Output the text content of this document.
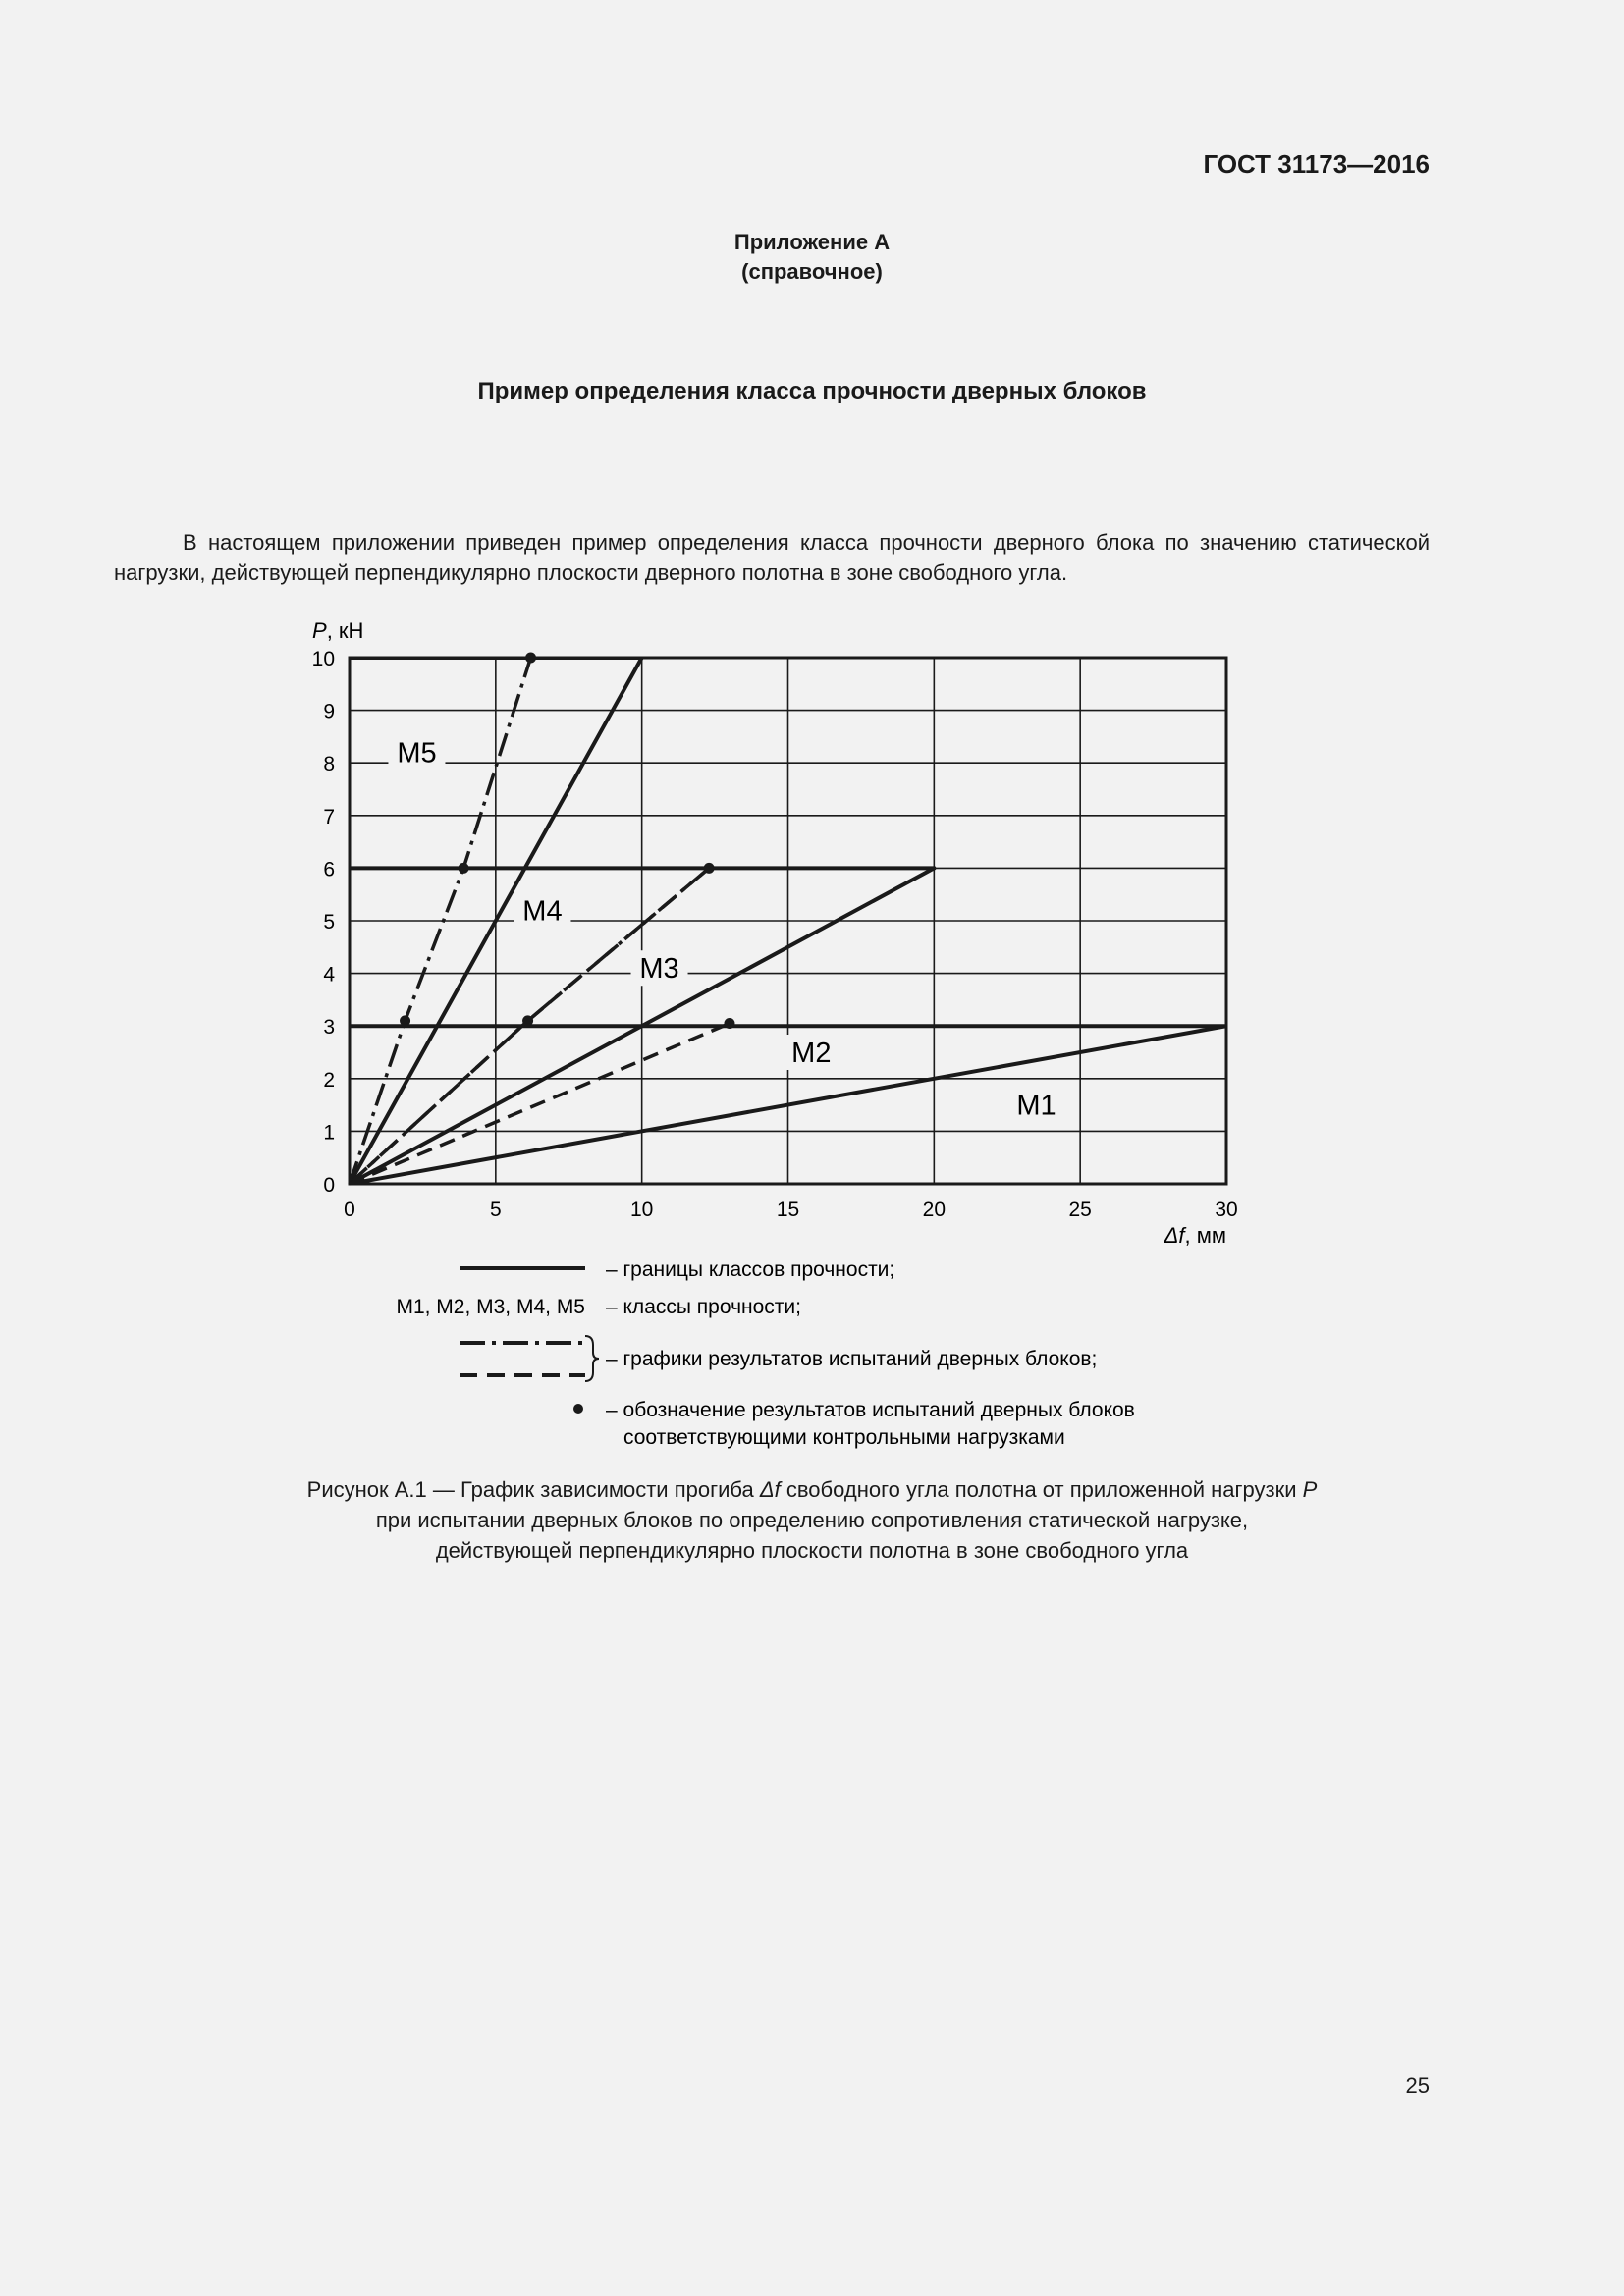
ГОСТ 31173—2016
Приложение А
(справочное)
Пример определения класса прочности дверных блоков
В настоящем приложении приведен пример определения класса прочности дверного блока по значению статической нагрузки, действующей перпендикулярно плоскости дверного полотна в зоне свободного угла.
M5
M4
M3
M2
M1
0
1
2
3
4
5
6
7
8
9
10
0	5	10	15	20	25	30
P, кН
Δf, мм
– границы классов прочности;
M1, M2, M3, M4, M5 – классы прочности;
– графики результатов испытаний дверных блоков;
– обозначение результатов испытаний дверных блоков
соответствующими контрольными нагрузками
Рисунок А.1 — График зависимости прогиба Δf свободного угла полотна от приложенной нагрузки P
при испытании дверных блоков по определению сопротивления статической нагрузке,
действующей перпендикулярно плоскости полотна в зоне свободного угла
25
